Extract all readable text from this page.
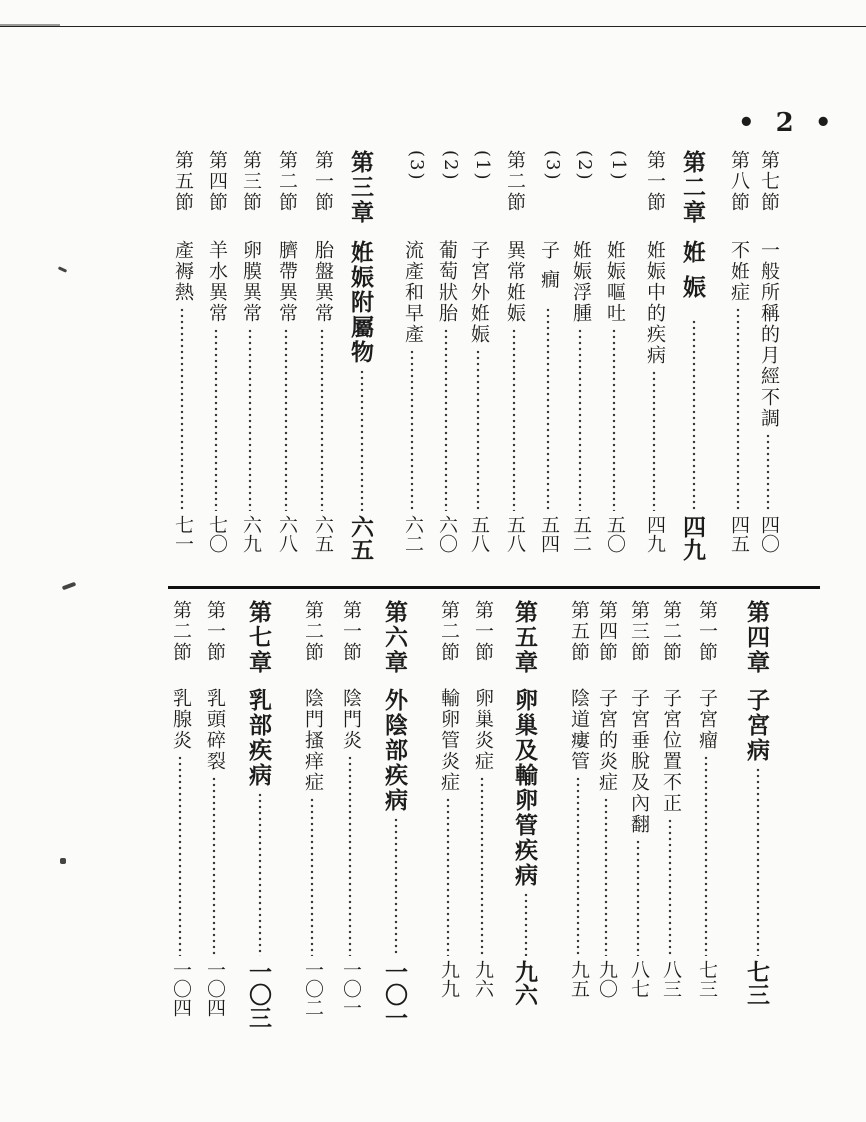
• 2 •
第七節
一般所稱的月經不調
四〇
第八節
不姙症
四五
第二章
姙 娠
四九
第一節
姙娠中的疾病
四九
(1)
姙娠嘔吐
五〇
(2)
姙娠浮腫
五二
(3)
子 癇
五四
第二節
異常姙娠
五八
(1)
子宮外姙娠
五八
(2)
葡萄狀胎
六〇
(3)
流產和早產
六二
第三章
姙娠附屬物
六五
第一節
胎盤異常
六五
第二節
臍帶異常
六八
第三節
卵膜異常
六九
第四節
羊水異常
七〇
第五節
產褥熱
七一
第四章
子宮病
七三
第一節
子宮瘤
七三
第二節
子宮位置不正
八三
第三節
子宮垂脫及內翻
八七
第四節
子宮的炎症
九〇
第五節
陰道瘻管
九五
第五章
卵巢及輸卵管疾病
九六
第一節
卵巢炎症
九六
第二節
輸卵管炎症
九九
第六章
外陰部疾病
一〇一
第一節
陰門炎
一〇一
第二節
陰門搔痒症
一〇二
第七章
乳部疾病
一〇三
第一節
乳頭碎裂
一〇四
第二節
乳腺炎
一〇四
